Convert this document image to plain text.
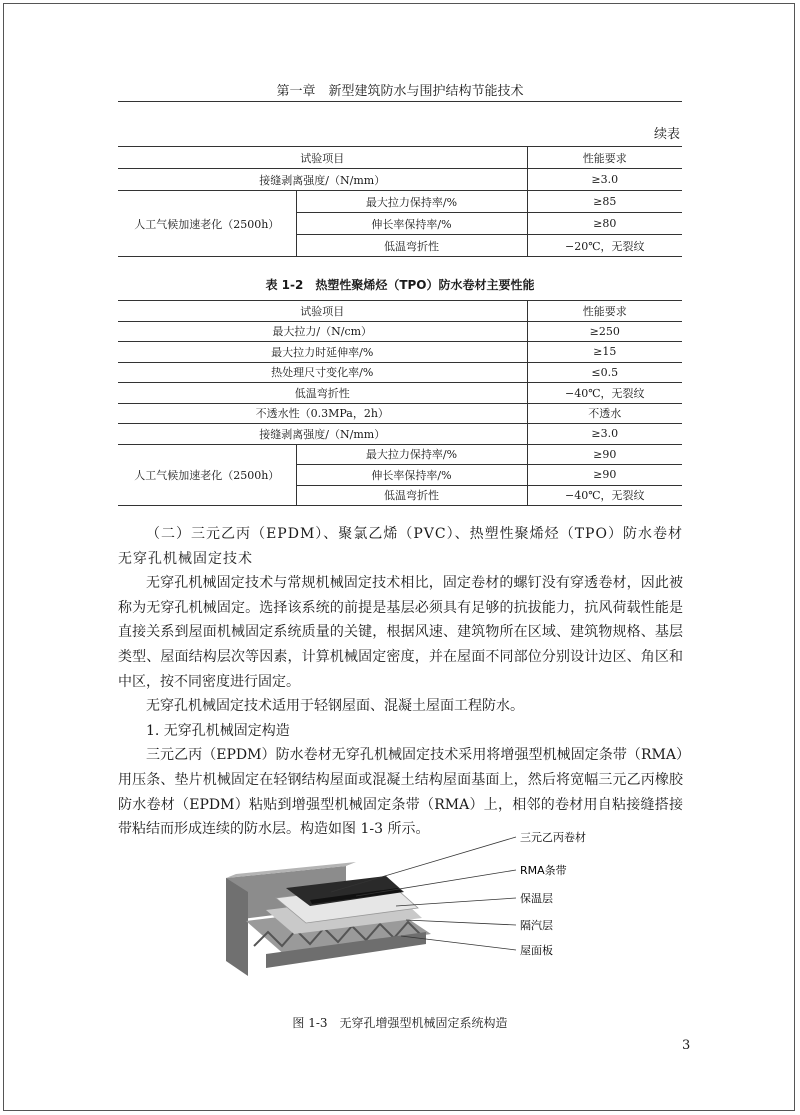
第一章　新型建筑防水与围护结构节能技术
续表
试验项目		性能要求
接缝剥离强度/（N/mm）		≥3.0
人工气候加速老化（2500h）	最大拉力保持率/%	≥85
	伸长率保持率/%	≥80
	低温弯折性	−20℃，无裂纹
表 1-2　热塑性聚烯烃（TPO）防水卷材主要性能
试验项目		性能要求
最大拉力/（N/cm）		≥250
最大拉力时延伸率/%		≥15
热处理尺寸变化率/%		≤0.5
低温弯折性		−40℃，无裂纹
不透水性（0.3MPa，2h）		不透水
接缝剥离强度/（N/mm）		≥3.0
人工气候加速老化（2500h）	最大拉力保持率/%	≥90
	伸长率保持率/%	≥90
	低温弯折性	−40℃，无裂纹

（二）三元乙丙（EPDM）、聚氯乙烯（PVC）、热塑性聚烯烃（TPO）防水卷材无穿孔机械固定技术

无穿孔机械固定技术与常规机械固定技术相比，固定卷材的螺钉没有穿透卷材，因此被称为无穿孔机械固定。选择该系统的前提是基层必须具有足够的抗拔能力，抗风荷载性能是直接关系到屋面机械固定系统质量的关键，根据风速、建筑物所在区域、建筑物规格、基层类型、屋面结构层次等因素，计算机械固定密度，并在屋面不同部位分别设计边区、角区和中区，按不同密度进行固定。

无穿孔机械固定技术适用于轻钢屋面、混凝土屋面工程防水。

1. 无穿孔机械固定构造

三元乙丙（EPDM）防水卷材无穿孔机械固定技术采用将增强型机械固定条带（RMA）用压条、垫片机械固定在轻钢结构屋面或混凝土结构屋面基面上，然后将宽幅三元乙丙橡胶防水卷材（EPDM）粘贴到增强型机械固定条带（RMA）上，相邻的卷材用自粘接缝搭接带粘结而形成连续的防水层。构造如图 1-3 所示。

三元乙丙卷材
RMA条带
保温层
隔汽层
屋面板
图 1-3　无穿孔增强型机械固定系统构造
3
